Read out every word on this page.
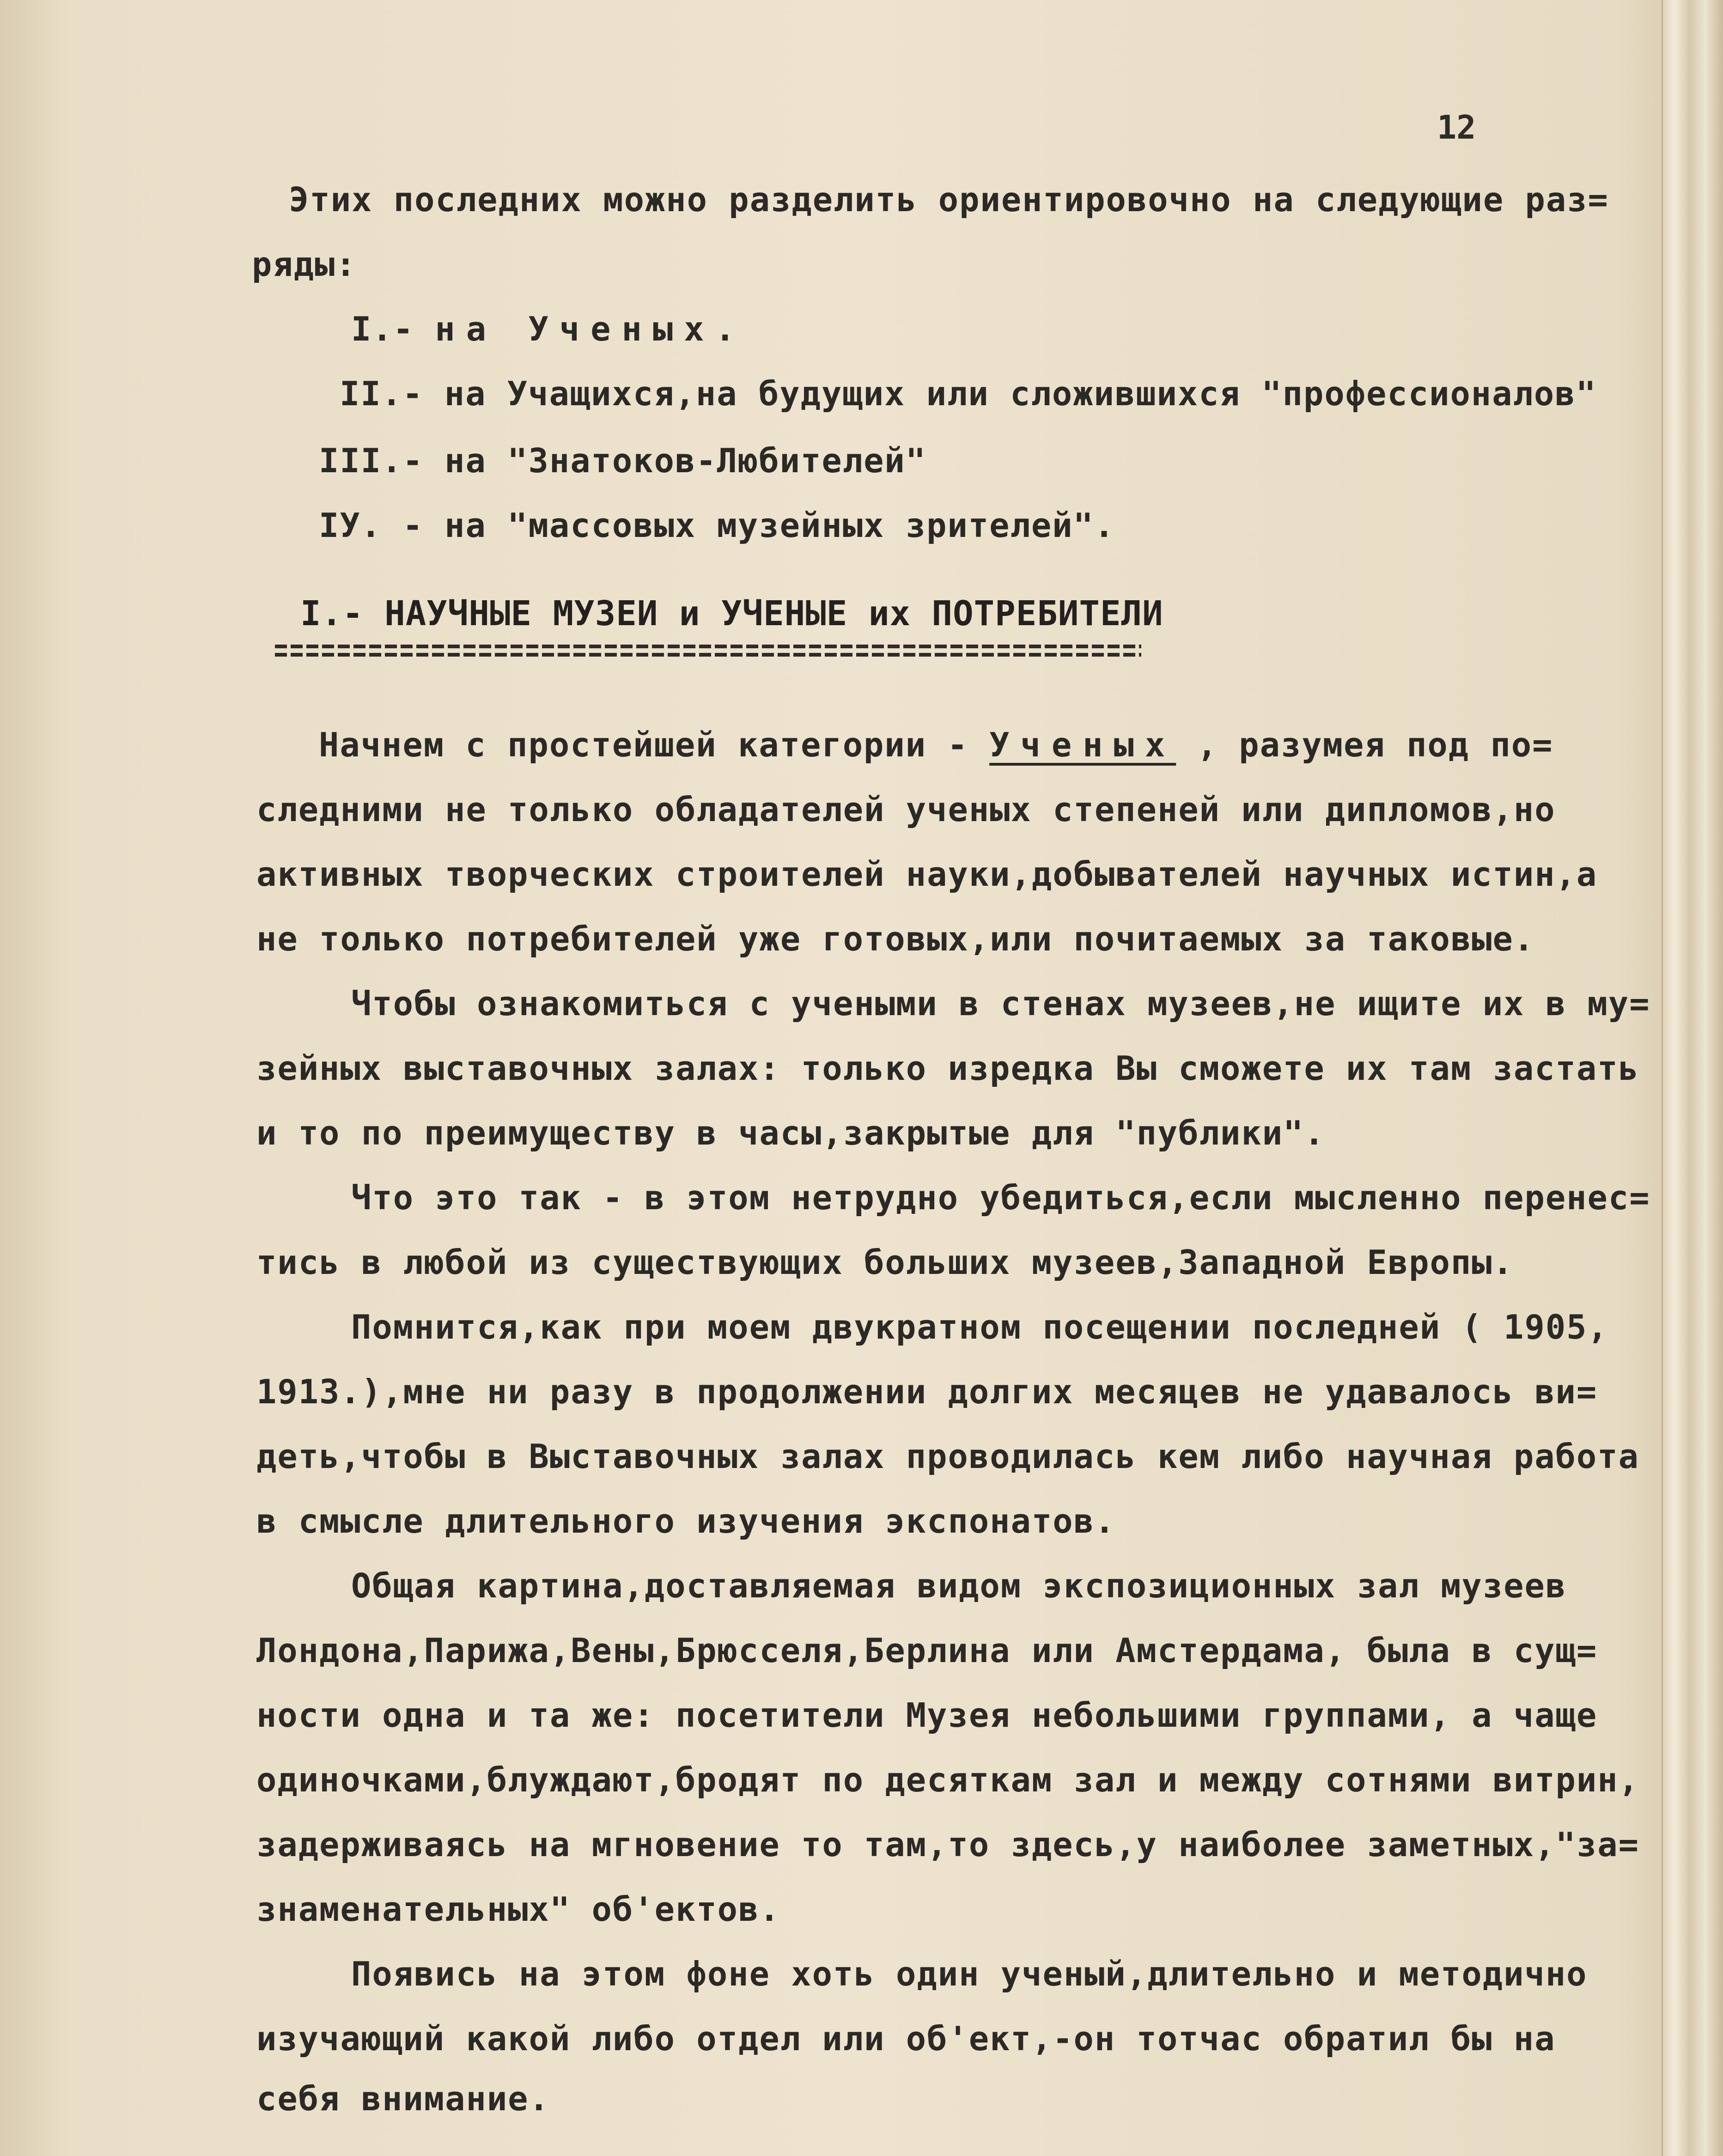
12
Этих последних можно разделить ориентировочно на следующие раз=
ряды:
I.- на Ученых.
II.- на Учащихся,на будущих или сложившихся "профессионалов"
III.- на "Знатоков-Любителей"
IУ. - на "массовых музейных зрителей".
I.- НАУЧНЫЕ МУЗЕИ и УЧЕНЫЕ их ПОТРЕБИТЕЛИ
Начнем с простейшей категории - Ученых , разумея под по=
следними не только обладателей ученых степеней или дипломов,но
активных творческих строителей науки,добывателей научных истин,а
не только потребителей уже готовых,или почитаемых за таковые.
Чтобы ознакомиться с учеными в стенах музеев,не ищите их в му=
зейных выставочных залах: только изредка Вы сможете их там застать
и то по преимуществу в часы,закрытые для "публики".
Что это так - в этом нетрудно убедиться,если мысленно перенес=
тись в любой из существующих больших музеев,Западной Европы.
Помнится,как при моем двукратном посещении последней ( 1905,
1913.),мне ни разу в продолжении долгих месяцев не удавалось ви=
деть,чтобы в Выставочных залах проводилась кем либо научная работа
в смысле длительного изучения экспонатов.
Общая картина,доставляемая видом экспозиционных зал музеев
Лондона,Парижа,Вены,Брюсселя,Берлина или Амстердама, была в сущ=
ности одна и та же: посетители Музея небольшими группами, а чаще
одиночками,блуждают,бродят по десяткам зал и между сотнями витрин,
задерживаясь на мгновение то там,то здесь,у наиболее заметных,"за=
знаменательных" об'ектов.
Появись на этом фоне хоть один ученый,длительно и методично
изучающий какой либо отдел или об'ект,-он тотчас обратил бы на
себя внимание.
